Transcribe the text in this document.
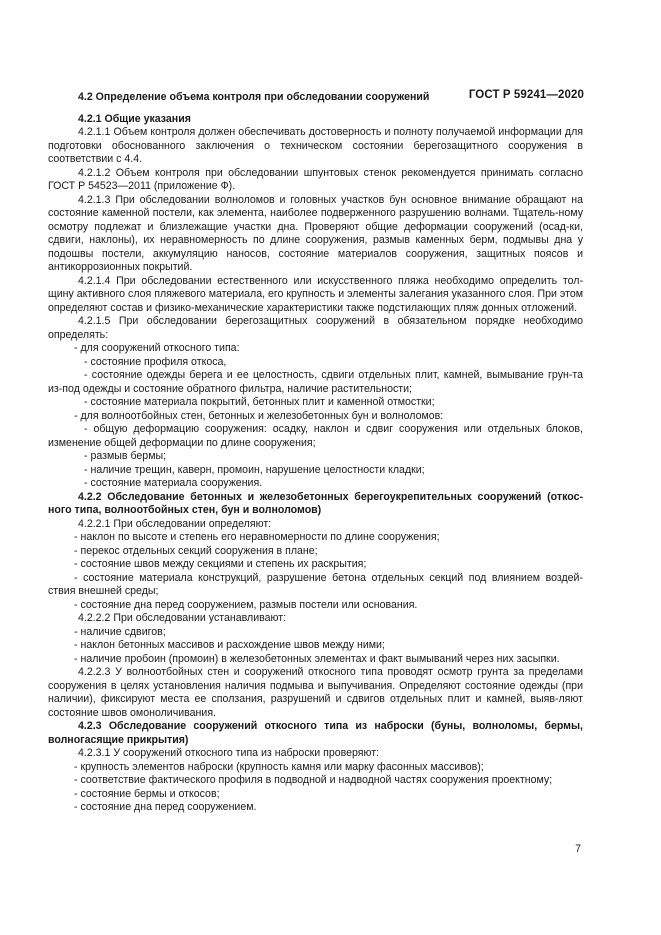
ГОСТ Р 59241—2020

4.2 Определение объема контроля при обследовании сооружений

4.2.1 Общие указания

4.2.1.1 Объем контроля должен обеспечивать достоверность и полноту получаемой информации для подготовки обоснованного заключения о техническом состоянии берегозащитного сооружения в соответствии с 4.4.

4.2.1.2 Объем контроля при обследовании шпунтовых стенок рекомендуется принимать согласно ГОСТ Р 54523—2011 (приложение Ф).

4.2.1.3 При обследовании волноломов и головных участков бун основное внимание обращают на состояние каменной постели, как элемента, наиболее подверженного разрушению волнами. Тщатель-ному осмотру подлежат и близлежащие участки дна. Проверяют общие деформации сооружений (осад-ки, сдвиги, наклоны), их неравномерность по длине сооружения, размыв каменных берм, подмывы дна у подошвы постели, аккумуляцию наносов, состояние материалов сооружения, защитных поясов и антикоррозионных покрытий.

4.2.1.4 При обследовании естественного или искусственного пляжа необходимо определить тол-щину активного слоя пляжевого материала, его крупность и элементы залегания указанного слоя. При этом определяют состав и физико-механические характеристики также подстилающих пляж донных отложений.

4.2.1.5 При обследовании берегозащитных сооружений в обязательном порядке необходимо определять:

- для сооружений откосного типа:

- состояние профиля откоса,

- состояние одежды берега и ее целостность, сдвиги отдельных плит, камней, вымывание грун-та из-под одежды и состояние обратного фильтра, наличие растительности;

- состояние материала покрытий, бетонных плит и каменной отмостки;

- для волноотбойных стен, бетонных и железобетонных бун и волноломов:

- общую деформацию сооружения: осадку, наклон и сдвиг сооружения или отдельных блоков, изменение общей деформации по длине сооружения;

- размыв бермы;

- наличие трещин, каверн, промоин, нарушение целостности кладки;

- состояние материала сооружения.

4.2.2 Обследование бетонных и железобетонных берегоукрепительных сооружений (откос-ного типа, волноотбойных стен, бун и волноломов)

4.2.2.1 При обследовании определяют:

- наклон по высоте и степень его неравномерности по длине сооружения;

- перекос отдельных секций сооружения в плане;

- состояние швов между секциями и степень их раскрытия;

- состояние материала конструкций, разрушение бетона отдельных секций под влиянием воздей-ствия внешней среды;

- состояние дна перед сооружением, размыв постели или основания.

4.2.2.2 При обследовании устанавливают:

- наличие сдвигов;

- наклон бетонных массивов и расхождение швов между ними;

- наличие пробоин (промоин) в железобетонных элементах и факт вымываний через них засыпки.

4.2.2.3 У волноотбойных стен и сооружений откосного типа проводят осмотр грунта за пределами сооружения в целях установления наличия подмыва и выпучивания. Определяют состояние одежды (при наличии), фиксируют места ее сползания, разрушений и сдвигов отдельных плит и камней, выяв-ляют состояние швов омоноличивания.

4.2.3 Обследование сооружений откосного типа из наброски (буны, волноломы, бермы, волногасящие прикрытия)

4.2.3.1 У сооружений откосного типа из наброски проверяют:

- крупность элементов наброски (крупность камня или марку фасонных массивов);

- соответствие фактического профиля в подводной и надводной частях сооружения проектному;

- состояние бермы и откосов;

- состояние дна перед сооружением.

7
